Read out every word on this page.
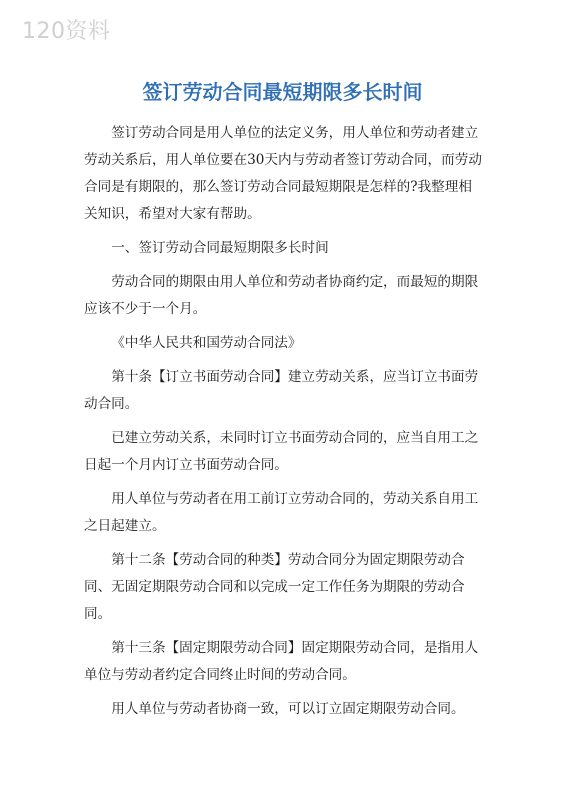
120资料
签订劳动合同最短期限多长时间

签订劳动合同是用人单位的法定义务，用人单位和劳动者建立劳动关系后，用人单位要在30天内与劳动者签订劳动合同，而劳动合同是有期限的，那么签订劳动合同最短期限是怎样的?我整理相关知识，希望对大家有帮助。

一、签订劳动合同最短期限多长时间

劳动合同的期限由用人单位和劳动者协商约定，而最短的期限应该不少于一个月。

《中华人民共和国劳动合同法》

第十条【订立书面劳动合同】建立劳动关系，应当订立书面劳动合同。

已建立劳动关系，未同时订立书面劳动合同的，应当自用工之日起一个月内订立书面劳动合同。

用人单位与劳动者在用工前订立劳动合同的，劳动关系自用工之日起建立。

第十二条【劳动合同的种类】劳动合同分为固定期限劳动合同、无固定期限劳动合同和以完成一定工作任务为期限的劳动合同。

第十三条【固定期限劳动合同】固定期限劳动合同，是指用人单位与劳动者约定合同终止时间的劳动合同。

用人单位与劳动者协商一致，可以订立固定期限劳动合同。
